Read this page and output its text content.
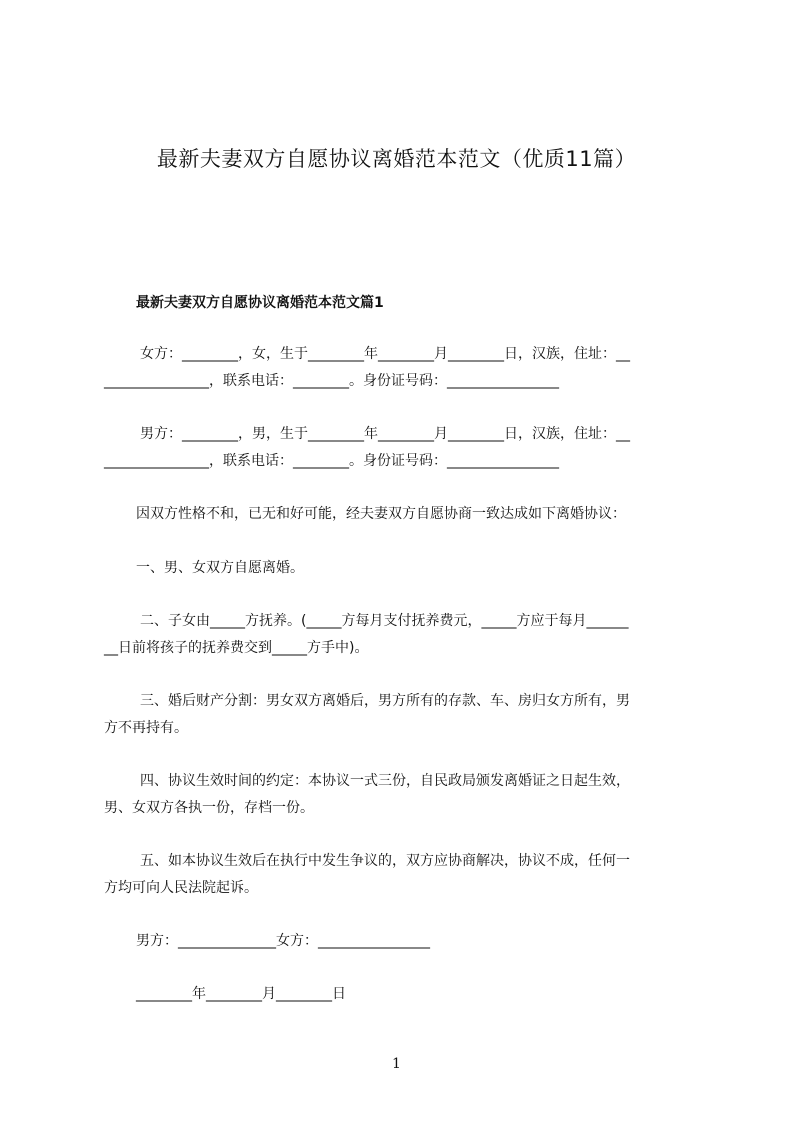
最新夫妻双方自愿协议离婚范本范文（优质11篇）
最新夫妻双方自愿协议离婚范本范文篇1
女方：________，女，生于________年________月________日，汉族，住址：__
_______________，联系电话：________。身份证号码：________________
男方：________，男，生于________年________月________日，汉族，住址：__
_______________，联系电话：________。身份证号码：________________
因双方性格不和，已无和好可能，经夫妻双方自愿协商一致达成如下离婚协议：
一、男、女双方自愿离婚。
二、子女由_____方抚养。(_____方每月支付抚养费元，_____方应于每月______
__日前将孩子的抚养费交到_____方手中)。
三、婚后财产分割：男女双方离婚后，男方所有的存款、车、房归女方所有，男
方不再持有。
四、协议生效时间的约定：本协议一式三份，自民政局颁发离婚证之日起生效，
男、女双方各执一份，存档一份。
五、如本协议生效后在执行中发生争议的，双方应协商解决，协议不成，任何一
方均可向人民法院起诉。
男方：______________女方：________________
________年________月________日
1
